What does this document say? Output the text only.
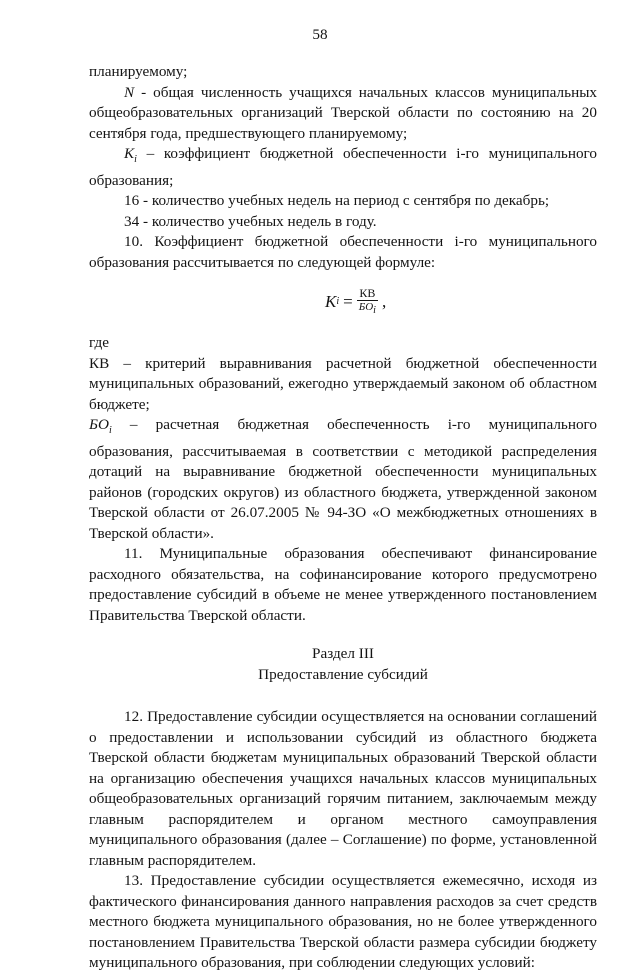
58

планируемому;

N - общая численность учащихся начальных классов муниципальных общеобразовательных организаций Тверской области по состоянию на 20 сентября года, предшествующего планируемому;

$K_i$ – коэффициент бюджетной обеспеченности i-го муниципального образования;

16 - количество учебных недель на период с сентября по декабрь;

34 - количество учебных недель в году.

10. Коэффициент бюджетной обеспеченности i-го муниципального образования рассчитывается по следующей формуле:

K $i = \frac{КВ}{БО_i}$ ,

где

КВ – критерий выравнивания расчетной бюджетной обеспеченности муниципальных образований, ежегодно утверждаемый законом об областном бюджете;

$БО_i$ – расчетная бюджетная обеспеченность i-го муниципального образования, рассчитываемая в соответствии с методикой распределения дотаций на выравнивание бюджетной обеспеченности муниципальных районов (городских округов) из областного бюджета, утвержденной законом Тверской области от 26.07.2005 № 94-ЗО «О межбюджетных отношениях в Тверской области».

11. Муниципальные образования обеспечивают финансирование расходного обязательства, на софинансирование которого предусмотрено предоставление субсидий в объеме не менее утвержденного постановлением Правительства Тверской области.

Раздел III

Предоставление субсидий

12. Предоставление субсидии осуществляется на основании соглашений о предоставлении и использовании субсидий из областного бюджета Тверской области бюджетам муниципальных образований Тверской области на организацию обеспечения учащихся начальных классов муниципальных общеобразовательных организаций горячим питанием, заключаемым между главным распорядителем и органом местного самоуправления муниципального образования (далее – Соглашение) по форме, установленной главным распорядителем.

13. Предоставление субсидии осуществляется ежемесячно, исходя из фактического финансирования данного направления расходов за счет средств местного бюджета муниципального образования, но не более утвержденного постановлением Правительства Тверской области размера субсидии бюджету муниципального образования, при соблюдении следующих условий:
